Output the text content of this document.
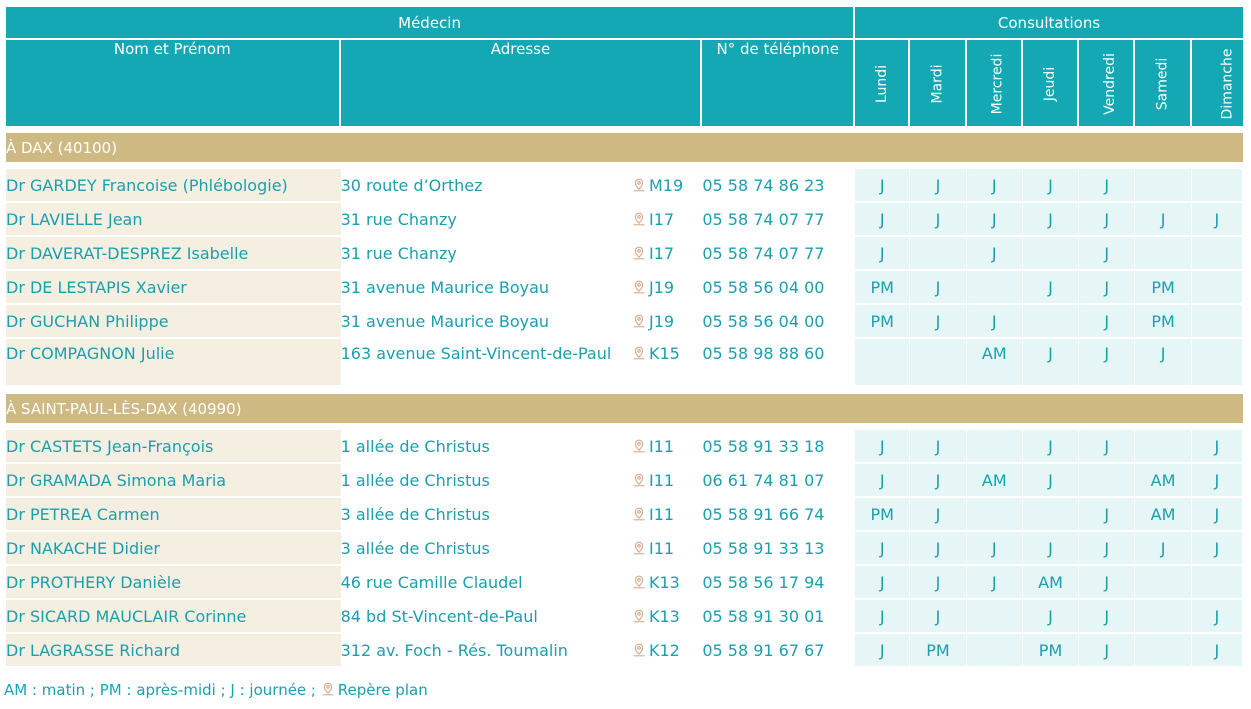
Médecin				Consultations						
Nom et Prénom	Adresse		N° de téléphone	Lundi	Mardi	Mercredi	Jeudi	Vendredi	Samedi	Dimanche

À DAX (40100)										

Dr GARDEY Francoise (Phlébologie)	30 route d’Orthez	M19	05 58 74 86 23	J	J	J	J	J		
Dr LAVIELLE Jean	31 rue Chanzy	I17	05 58 74 07 77	J	J	J	J	J	J	J
Dr DAVERAT-DESPREZ Isabelle	31 rue Chanzy	I17	05 58 74 07 77	J		J		J		
Dr DE LESTAPIS Xavier	31 avenue Maurice Boyau	J19	05 58 56 04 00	PM	J		J	J	PM	
Dr GUCHAN Philippe	31 avenue Maurice Boyau	J19	05 58 56 04 00	PM	J	J		J	PM	
Dr COMPAGNON Julie	163 avenue Saint-Vincent-de-Paul	K15	05 58 98 88 60			AM	J	J	J	

À SAINT-PAUL-LÈS-DAX (40990)										

Dr CASTETS Jean-François	1 allée de Christus	I11	05 58 91 33 18	J	J		J	J		J
Dr GRAMADA Simona Maria	1 allée de Christus	I11	06 61 74 81 07	J	J	AM	J		AM	J
Dr PETREA Carmen	3 allée de Christus	I11	05 58 91 66 74	PM	J			J	AM	J
Dr NAKACHE Didier	3 allée de Christus	I11	05 58 91 33 13	J	J	J	J	J	J	J
Dr PROTHERY Danièle	46 rue Camille Claudel	K13	05 58 56 17 94	J	J	J	AM	J		
Dr SICARD MAUCLAIR Corinne	84 bd St-Vincent-de-Paul	K13	05 58 91 30 01	J	J		J	J		J
Dr LAGRASSE Richard	312 av. Foch - Rés. Toumalin	K12	05 58 91 67 67	J	PM		PM	J		J
AM : matin ; PM : après-midi ; J : journée ; Repère plan
